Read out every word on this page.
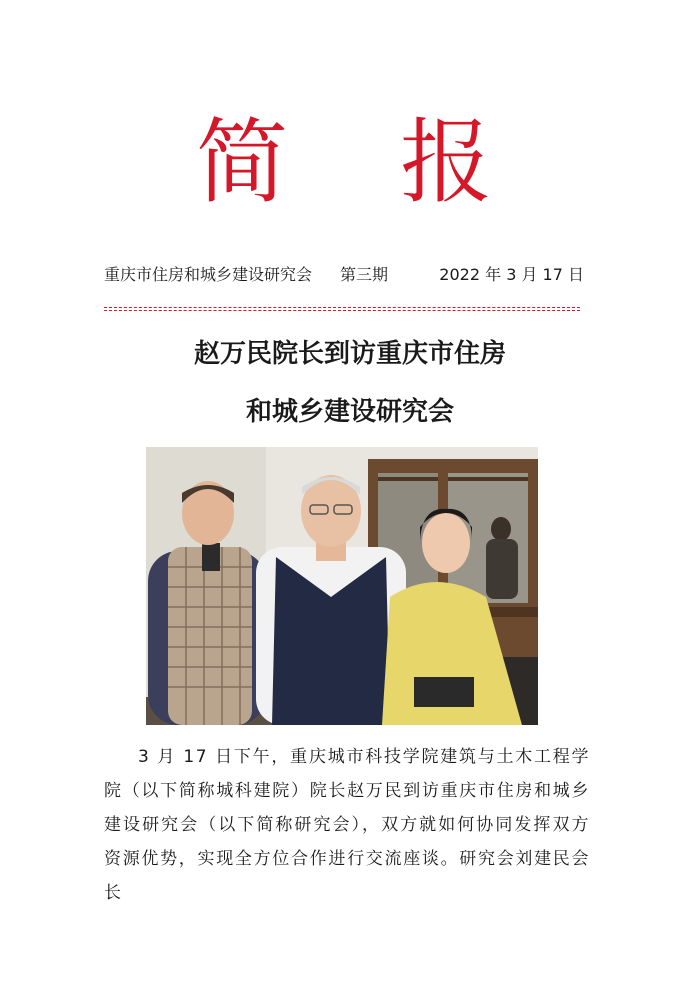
简 报
重庆市住房和城乡建设研究会 第三期	2022 年 3 月 17 日
赵万民院长到访重庆市住房
和城乡建设研究会
3 月 17 日下午，重庆城市科技学院建筑与土木工程学院（以下简称城科建院）院长赵万民到访重庆市住房和城乡建设研究会（以下简称研究会），双方就如何协同发挥双方资源优势，实现全方位合作进行交流座谈。研究会刘建民会长
